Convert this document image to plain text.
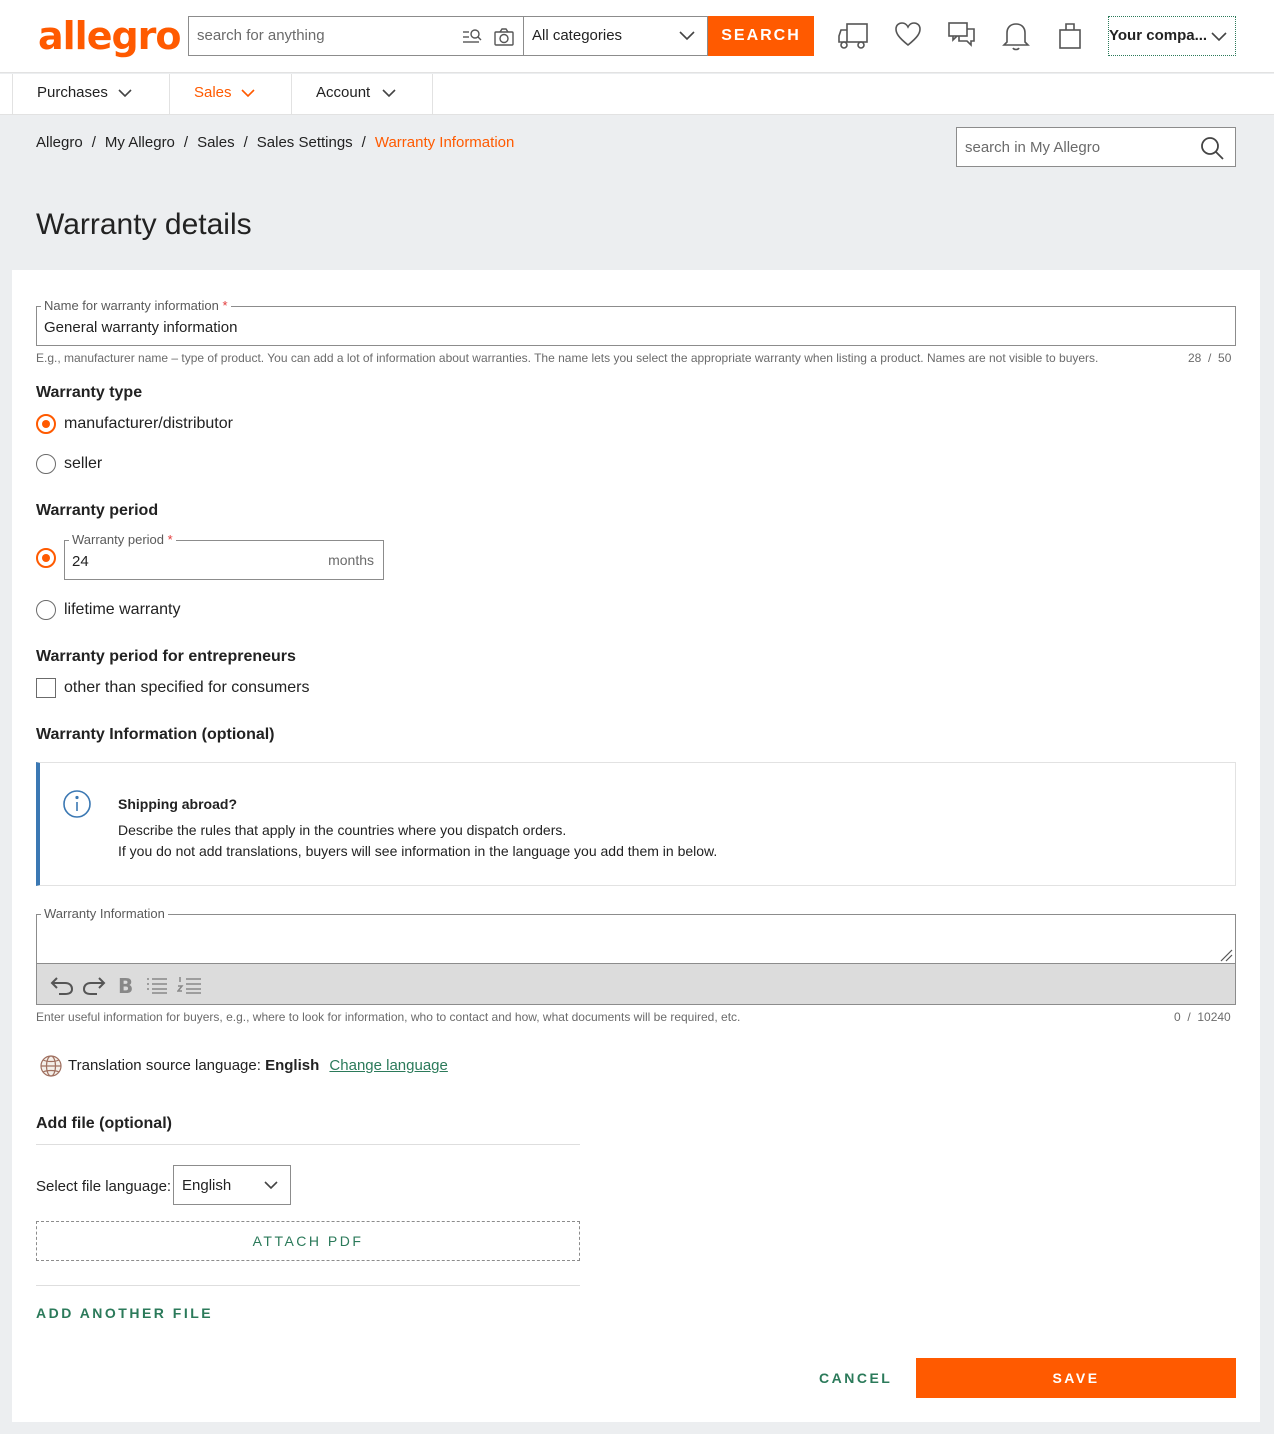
allegro search for anything	All categories	SEARCH	Your compa...
Purchases	Sales	Account
Allegro / My Allegro / Sales / Sales Settings / Warranty Information	search in My Allegro
Warranty details
Name for warranty information *
General warranty information
E.g., manufacturer name – type of product. You can add a lot of information about warranties. The name lets you select the appropriate warranty when listing a product. Names are not visible to buyers.	28  /  50
Warranty type
manufacturer/distributor
seller
Warranty period
Warranty period *
24	months
lifetime warranty
Warranty period for entrepreneurs
other than specified for consumers
Warranty Information (optional)
Shipping abroad?
Describe the rules that apply in the countries where you dispatch orders.
If you do not add translations, buyers will see information in the language you add them in below.
Warranty Information
B
Enter useful information for buyers, e.g., where to look for information, who to contact and how, what documents will be required, etc.	0  /  10240
Translation source language: English Change language
Add file (optional)
Select file language: English
ATTACH PDF
ADD ANOTHER FILE
CANCEL	SAVE
